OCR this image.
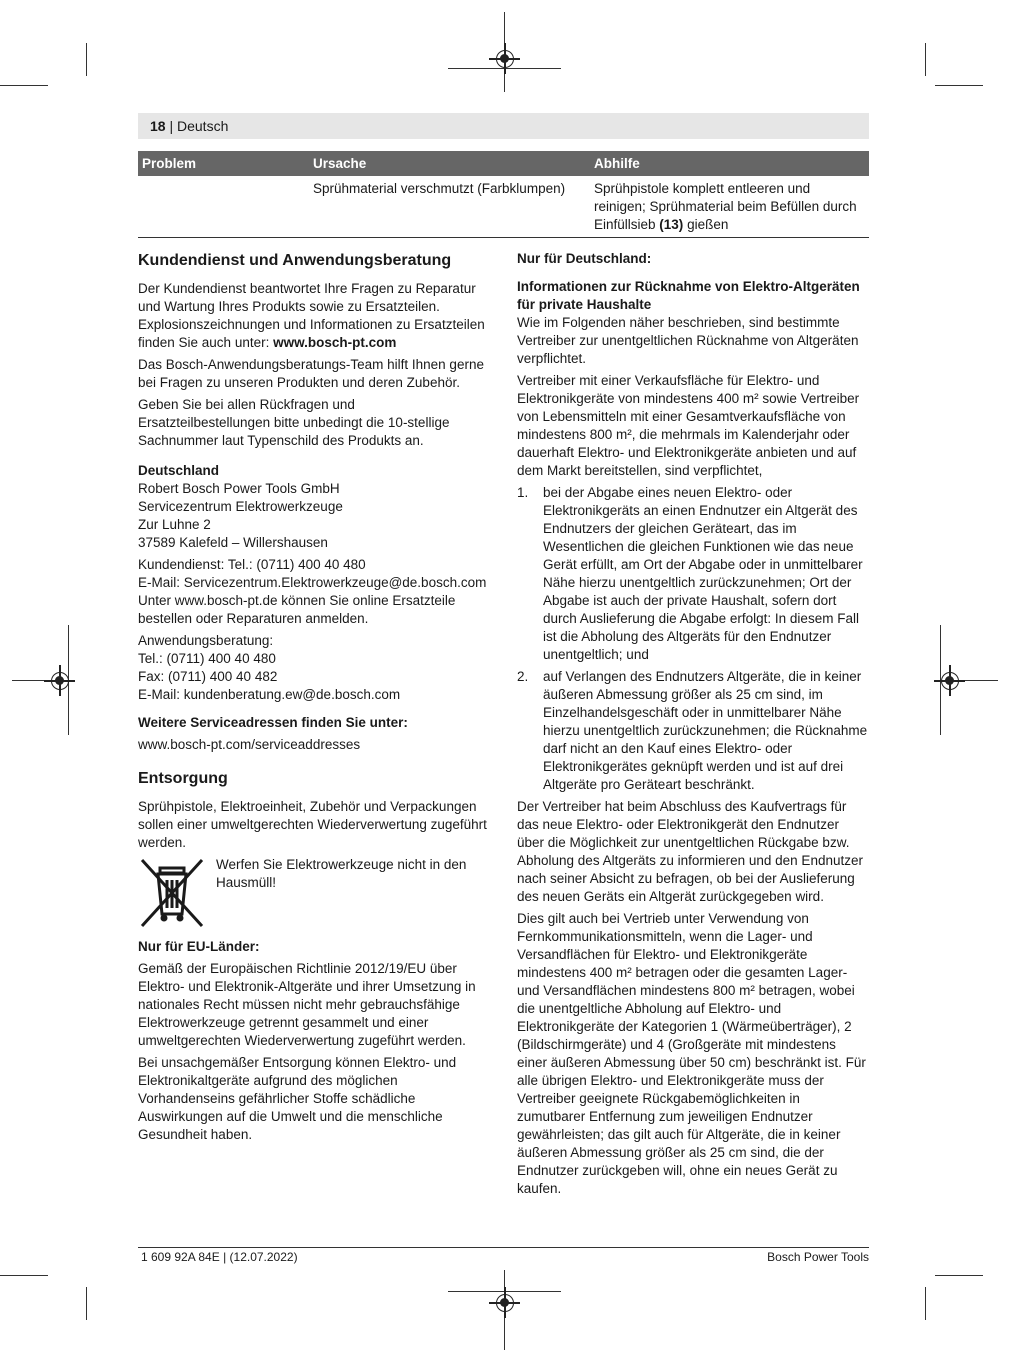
18 | Deutsch
Problem	Ursache	Abhilfe
	Sprühmaterial verschmutzt (Farbklumpen)	Sprühpistole komplett entleeren und reinigen; Sprühmaterial beim Befüllen durch Einfüllsieb (13) gießen
Kundendienst und Anwendungsberatung

Der Kundendienst beantwortet Ihre Fragen zu Reparatur und Wartung Ihres Produkts sowie zu Ersatzteilen. Explosionszeichnungen und Informationen zu Ersatzteilen finden Sie auch unter: www.bosch-pt.com

Das Bosch-Anwendungsberatungs-Team hilft Ihnen gerne bei Fragen zu unseren Produkten und deren Zubehör.

Geben Sie bei allen Rückfragen und Ersatzteilbestellungen bitte unbedingt die 10-stellige Sachnummer laut Typenschild des Produkts an.

Deutschland

Robert Bosch Power Tools GmbH

Servicezentrum Elektrowerkzeuge

Zur Luhne 2

37589 Kalefeld – Willershausen

Kundendienst: Tel.: (0711) 400 40 480

E-Mail: Servicezentrum.Elektrowerkzeuge@de.bosch.com

Unter www.bosch-pt.de können Sie online Ersatzteile bestellen oder Reparaturen anmelden.

Anwendungsberatung:

Tel.: (0711) 400 40 480

Fax: (0711) 400 40 482

E-Mail: kundenberatung.ew@de.bosch.com

Weitere Serviceadressen finden Sie unter:

www.bosch-pt.com/serviceaddresses

Entsorgung

Sprühpistole, Elektroeinheit, Zubehör und Verpackungen sollen einer umweltgerechten Wiederverwertung zugeführt werden.

Werfen Sie Elektrowerkzeuge nicht in den Hausmüll!

Nur für EU-Länder:

Gemäß der Europäischen Richtlinie 2012/19/EU über Elektro- und Elektronik-Altgeräte und ihrer Umsetzung in nationales Recht müssen nicht mehr gebrauchsfähige Elektrowerkzeuge getrennt gesammelt und einer umweltgerechten Wiederverwertung zugeführt werden.

Bei unsachgemäßer Entsorgung können Elektro- und Elektronikaltgeräte aufgrund des möglichen Vorhandenseins gefährlicher Stoffe schädliche Auswirkungen auf die Umwelt und die menschliche Gesundheit haben.

Nur für Deutschland:

Informationen zur Rücknahme von Elektro-Altgeräten für private Haushalte

Wie im Folgenden näher beschrieben, sind bestimmte Vertreiber zur unentgeltlichen Rücknahme von Altgeräten verpflichtet.

Vertreiber mit einer Verkaufsfläche für Elektro- und Elektronikgeräte von mindestens 400 m² sowie Vertreiber von Lebensmitteln mit einer Gesamtverkaufsfläche von mindestens 800 m², die mehrmals im Kalenderjahr oder dauerhaft Elektro- und Elektronikgeräte anbieten und auf dem Markt bereitstellen, sind verpflichtet,

1.	bei der Abgabe eines neuen Elektro- oder Elektronikgeräts an einen Endnutzer ein Altgerät des Endnutzers der gleichen Geräteart, das im Wesentlichen die gleichen Funktionen wie das neue Gerät erfüllt, am Ort der Abgabe oder in unmittelbarer Nähe hierzu unentgeltlich zurückzunehmen; Ort der Abgabe ist auch der private Haushalt, sofern dort durch Auslieferung die Abgabe erfolgt: In diesem Fall ist die Abholung des Altgeräts für den Endnutzer unentgeltlich; und
2.	auf Verlangen des Endnutzers Altgeräte, die in keiner äußeren Abmessung größer als 25 cm sind, im Einzelhandelsgeschäft oder in unmittelbarer Nähe hierzu unentgeltlich zurückzunehmen; die Rücknahme darf nicht an den Kauf eines Elektro- oder Elektronikgerätes geknüpft werden und ist auf drei Altgeräte pro Geräteart beschränkt.

Der Vertreiber hat beim Abschluss des Kaufvertrags für das neue Elektro- oder Elektronikgerät den Endnutzer über die Möglichkeit zur unentgeltlichen Rückgabe bzw. Abholung des Altgeräts zu informieren und den Endnutzer nach seiner Absicht zu befragen, ob bei der Auslieferung des neuen Geräts ein Altgerät zurückgegeben wird.

Dies gilt auch bei Vertrieb unter Verwendung von Fernkommunikationsmitteln, wenn die Lager- und Versandflächen für Elektro- und Elektronikgeräte mindestens 400 m² betragen oder die gesamten Lager- und Versandflächen mindestens 800 m² betragen, wobei die unentgeltliche Abholung auf Elektro- und Elektronikgeräte der Kategorien 1 (Wärmeüberträger), 2 (Bildschirmgeräte) und 4 (Großgeräte mit mindestens einer äußeren Abmessung über 50 cm) beschränkt ist. Für alle übrigen Elektro- und Elektronikgeräte muss der Vertreiber geeignete Rückgabemöglichkeiten in zumutbarer Entfernung zum jeweiligen Endnutzer gewährleisten; das gilt auch für Altgeräte, die in keiner äußeren Abmessung größer als 25 cm sind, die der Endnutzer zurückgeben will, ohne ein neues Gerät zu kaufen.

1 609 92A 84E | (12.07.2022)	Bosch Power Tools
